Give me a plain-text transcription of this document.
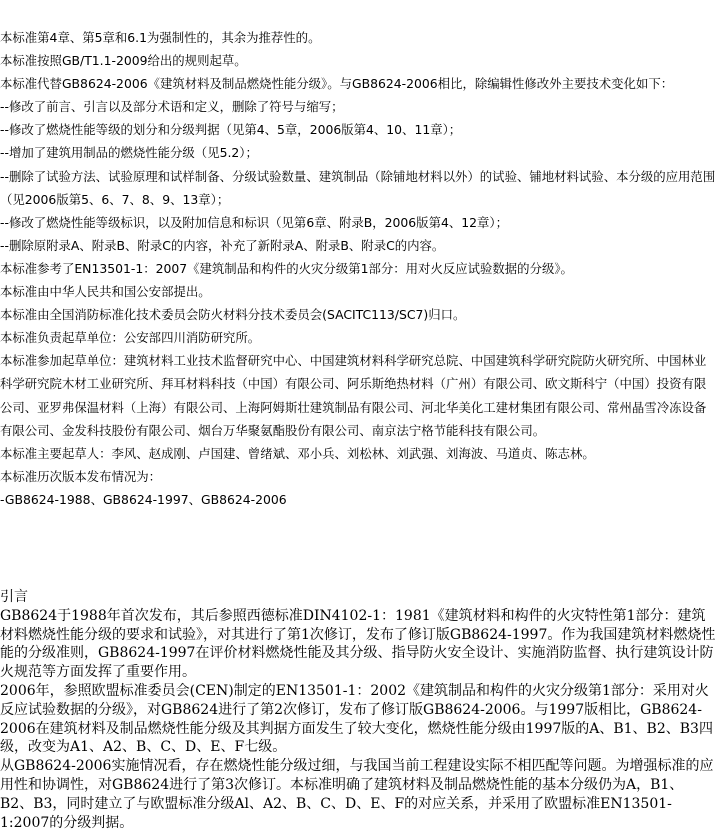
本标准第4章、第5章和6.1为强制性的，其余为推荐性的。

本标准按照GB/T1.1-2009给出的规则起草。

本标准代替GB8624-2006《建筑材料及制品燃烧性能分级》。与GB8624-2006相比，除编辑性修改外主要技术变化如下：

--修改了前言、引言以及部分术语和定义，删除了符号与缩写；

--修改了燃烧性能等级的划分和分级判据（见第4、5章，2006版第4、10、11章）；

--增加了建筑用制品的燃烧性能分级（见5.2）；

--删除了试验方法、试验原理和试样制备、分级试验数量、建筑制品（除铺地材料以外）的试验、铺地材料试验、本分级的应用范围（见2006版第5、6、7、8、9、13章）；

--修改了燃烧性能等级标识，以及附加信息和标识（见第6章、附录B，2006版第4、12章）；

--删除原附录A、附录B、附录C的内容，补充了新附录A、附录B、附录C的内容。

本标准参考了EN13501-1：2007《建筑制品和构件的火灾分级第1部分：用对火反应试验数据的分级》。

本标准由中华人民共和国公安部提出。

本标准由全国消防标准化技术委员会防火材料分技术委员会(SACITC113/SC7)归口。

本标准负责起草单位：公安部四川消防研究所。

本标准参加起草单位：建筑材料工业技术监督研究中心、中国建筑材料科学研究总院、中国建筑科学研究院防火研究所、中国林业科学研究院木材工业研究所、拜耳材料科技（中国）有限公司、阿乐斯绝热材料（广州）有限公司、欧文斯科宁（中国）投资有限公司、亚罗弗保温材料（上海）有限公司、上海阿姆斯壮建筑制品有限公司、河北华美化工建材集团有限公司、常州晶雪冷冻设备有限公司、金发科技股份有限公司、烟台万华聚氨酯股份有限公司、南京法宁格节能科技有限公司。

本标准主要起草人：李风、赵成刚、卢国建、曾绪斌、邓小兵、刘松林、刘武强、刘海波、马道贞、陈志林。

本标准历次版本发布情况为：

-GB8624-1988、GB8624-1997、GB8624-2006

引言

GB8624于1988年首次发布，其后参照西德标准DIN4102-1：1981《建筑材料和构件的火灾特性第1部分：建筑材料燃烧性能分级的要求和试验》，对其进行了第1次修订，发布了修订版GB8624-1997。作为我国建筑材料燃烧性能的分级准则，GB8624-1997在评价材料燃烧性能及其分级、指导防火安全设计、实施消防监督、执行建筑设计防火规范等方面发挥了重要作用。

2006年，参照欧盟标准委员会(CEN)制定的EN13501-1：2002《建筑制品和构件的火灾分级第1部分：采用对火反应试验数据的分级》，对GB8624进行了第2次修订，发布了修订版GB8624-2006。与1997版相比，GB8624-2006在建筑材料及制品燃烧性能分级及其判据方面发生了较大变化，燃烧性能分级由1997版的A、B1、B2、B3四级，改变为A1、A2、B、C、D、E、F七级。

从GB8624-2006实施情况看，存在燃烧性能分级过细，与我国当前工程建设实际不相匹配等问题。为增强标准的应用性和协调性，对GB8624进行了第3次修订。本标准明确了建筑材料及制品燃烧性能的基本分级仍为A，B1、B2、B3，同时建立了与欧盟标准分级Al、A2、B、C、D、E、F的对应关系，并采用了欧盟标准EN13501-1:2007的分级判据。
